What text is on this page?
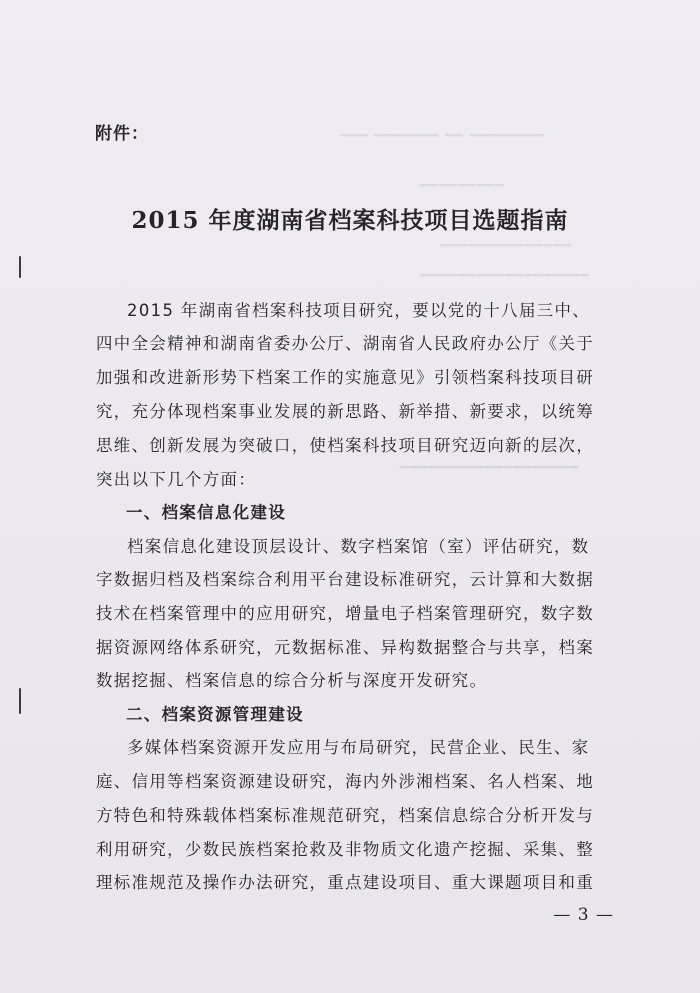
━━━ ━━━━━━━ ━━ ━━━━━━━━
━━━━━━━━━
━━━━━━━━━━━━━━
━━━━━━━━━━━━━━━━━━
━━━━━━━━━━━━━━━━━━━
附件：
2015 年度湖南省档案科技项目选题指南
2015 年湖南省档案科技项目研究，要以党的十八届三中、
四中全会精神和湖南省委办公厅、湖南省人民政府办公厅《关于
加强和改进新形势下档案工作的实施意见》引领档案科技项目研
究，充分体现档案事业发展的新思路、新举措、新要求，以统筹
思维、创新发展为突破口，使档案科技项目研究迈向新的层次，
突出以下几个方面：
一、档案信息化建设
档案信息化建设顶层设计、数字档案馆（室）评估研究，数
字数据归档及档案综合利用平台建设标准研究，云计算和大数据
技术在档案管理中的应用研究，增量电子档案管理研究，数字数
据资源网络体系研究，元数据标准、异构数据整合与共享，档案
数据挖掘、档案信息的综合分析与深度开发研究。
二、档案资源管理建设
多媒体档案资源开发应用与布局研究，民营企业、民生、家
庭、信用等档案资源建设研究，海内外涉湘档案、名人档案、地
方特色和特殊载体档案标准规范研究，档案信息综合分析开发与
利用研究，少数民族档案抢救及非物质文化遗产挖掘、采集、整
理标准规范及操作办法研究，重点建设项目、重大课题项目和重
— 3 —
